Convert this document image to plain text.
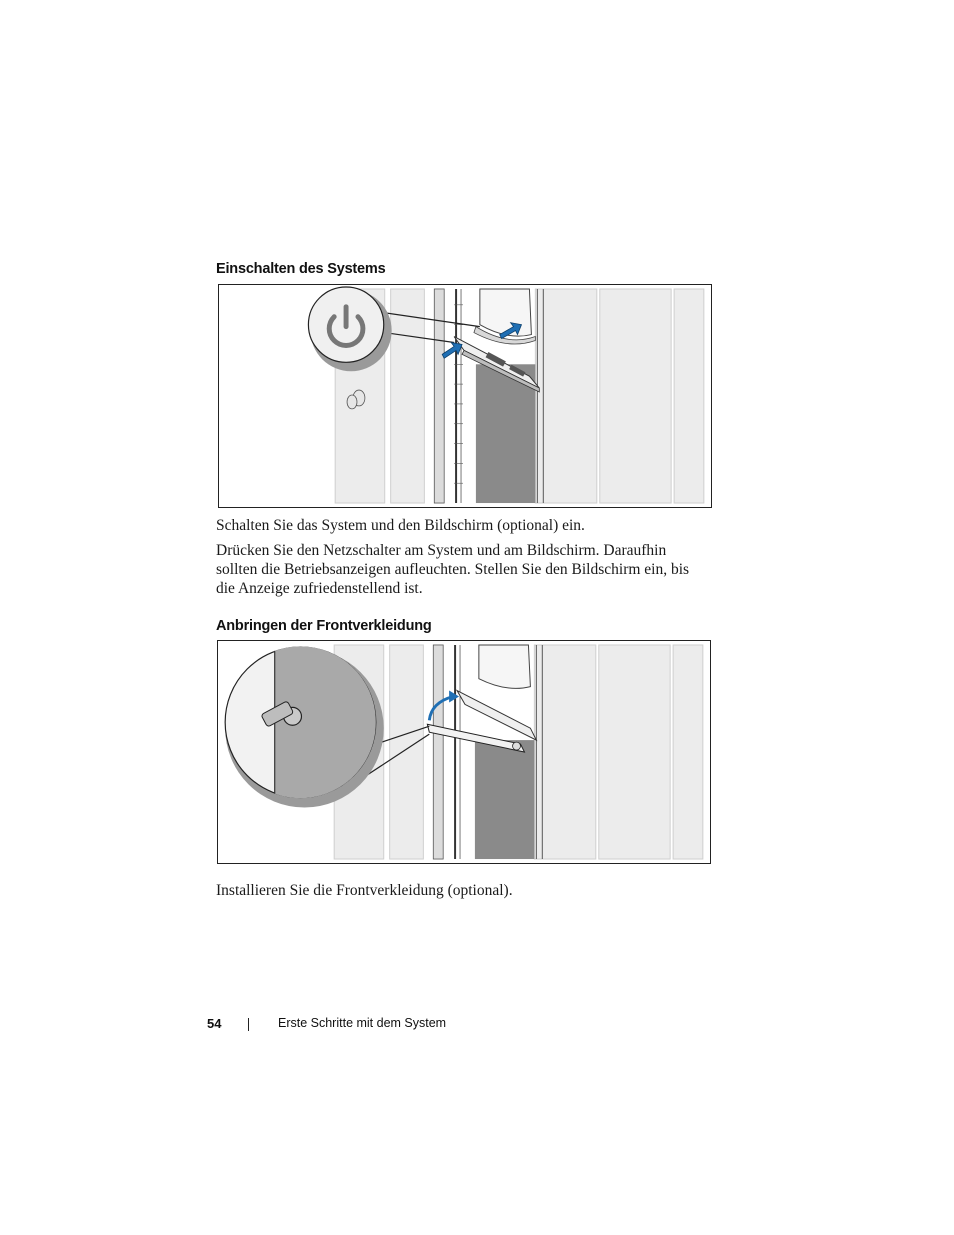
Einschalten des Systems

Schalten Sie das System und den Bildschirm (optional) ein.

Drücken Sie den Netzschalter am System und am Bildschirm. Daraufhin sollten die Betriebsanzeigen aufleuchten. Stellen Sie den Bildschirm ein, bis die Anzeige zufriedenstellend ist.

Anbringen der Frontverkleidung

Installieren Sie die Frontverkleidung (optional).

54	Erste Schritte mit dem System
